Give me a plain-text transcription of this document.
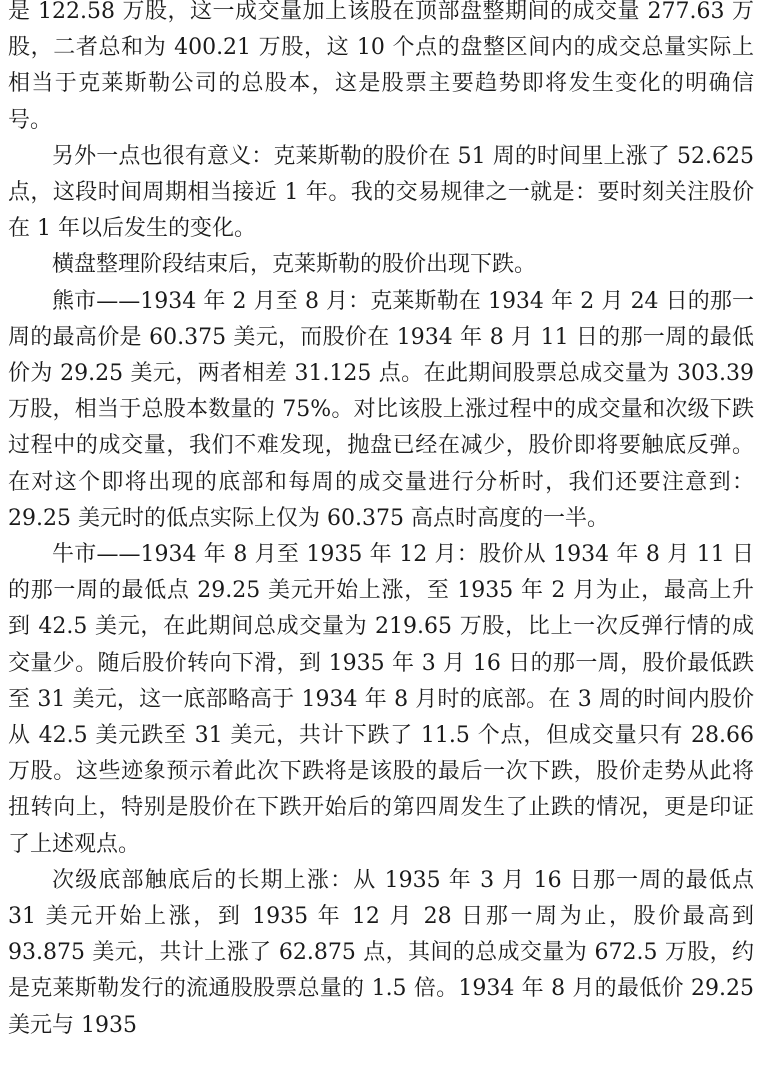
是 122.58 万股，这一成交量加上该股在顶部盘整期间的成交量 277.63 万股，二者总和为 400.21 万股，这 10 个点的盘整区间内的成交总量实际上相当于克莱斯勒公司的总股本，这是股票主要趋势即将发生变化的明确信号。

另外一点也很有意义：克莱斯勒的股价在 51 周的时间里上涨了 52.625 点，这段时间周期相当接近 1 年。我的交易规律之一就是：要时刻关注股价在 1 年以后发生的变化。

横盘整理阶段结束后，克莱斯勒的股价出现下跌。

熊市——1934 年 2 月至 8 月：克莱斯勒在 1934 年 2 月 24 日的那一周的最高价是 60.375 美元，而股价在 1934 年 8 月 11 日的那一周的最低价为 29.25 美元，两者相差 31.125 点。在此期间股票总成交量为 303.39 万股，相当于总股本数量的 75%。对比该股上涨过程中的成交量和次级下跌过程中的成交量，我们不难发现，抛盘已经在减少，股价即将要触底反弹。在对这个即将出现的底部和每周的成交量进行分析时，我们还要注意到：29.25 美元时的低点实际上仅为 60.375 高点时高度的一半。

牛市——1934 年 8 月至 1935 年 12 月：股价从 1934 年 8 月 11 日的那一周的最低点 29.25 美元开始上涨，至 1935 年 2 月为止，最高上升到 42.5 美元，在此期间总成交量为 219.65 万股，比上一次反弹行情的成交量少。随后股价转向下滑，到 1935 年 3 月 16 日的那一周，股价最低跌至 31 美元，这一底部略高于 1934 年 8 月时的底部。在 3 周的时间内股价从 42.5 美元跌至 31 美元，共计下跌了 11.5 个点，但成交量只有 28.66 万股。这些迹象预示着此次下跌将是该股的最后一次下跌，股价走势从此将扭转向上，特别是股价在下跌开始后的第四周发生了止跌的情况，更是印证了上述观点。

次级底部触底后的长期上涨：从 1935 年 3 月 16 日那一周的最低点 31 美元开始上涨，到 1935 年 12 月 28 日那一周为止，股价最高到 93.875 美元，共计上涨了 62.875 点，其间的总成交量为 672.5 万股，约是克莱斯勒发行的流通股股票总量的 1.5 倍。1934 年 8 月的最低价 29.25 美元与 1935
